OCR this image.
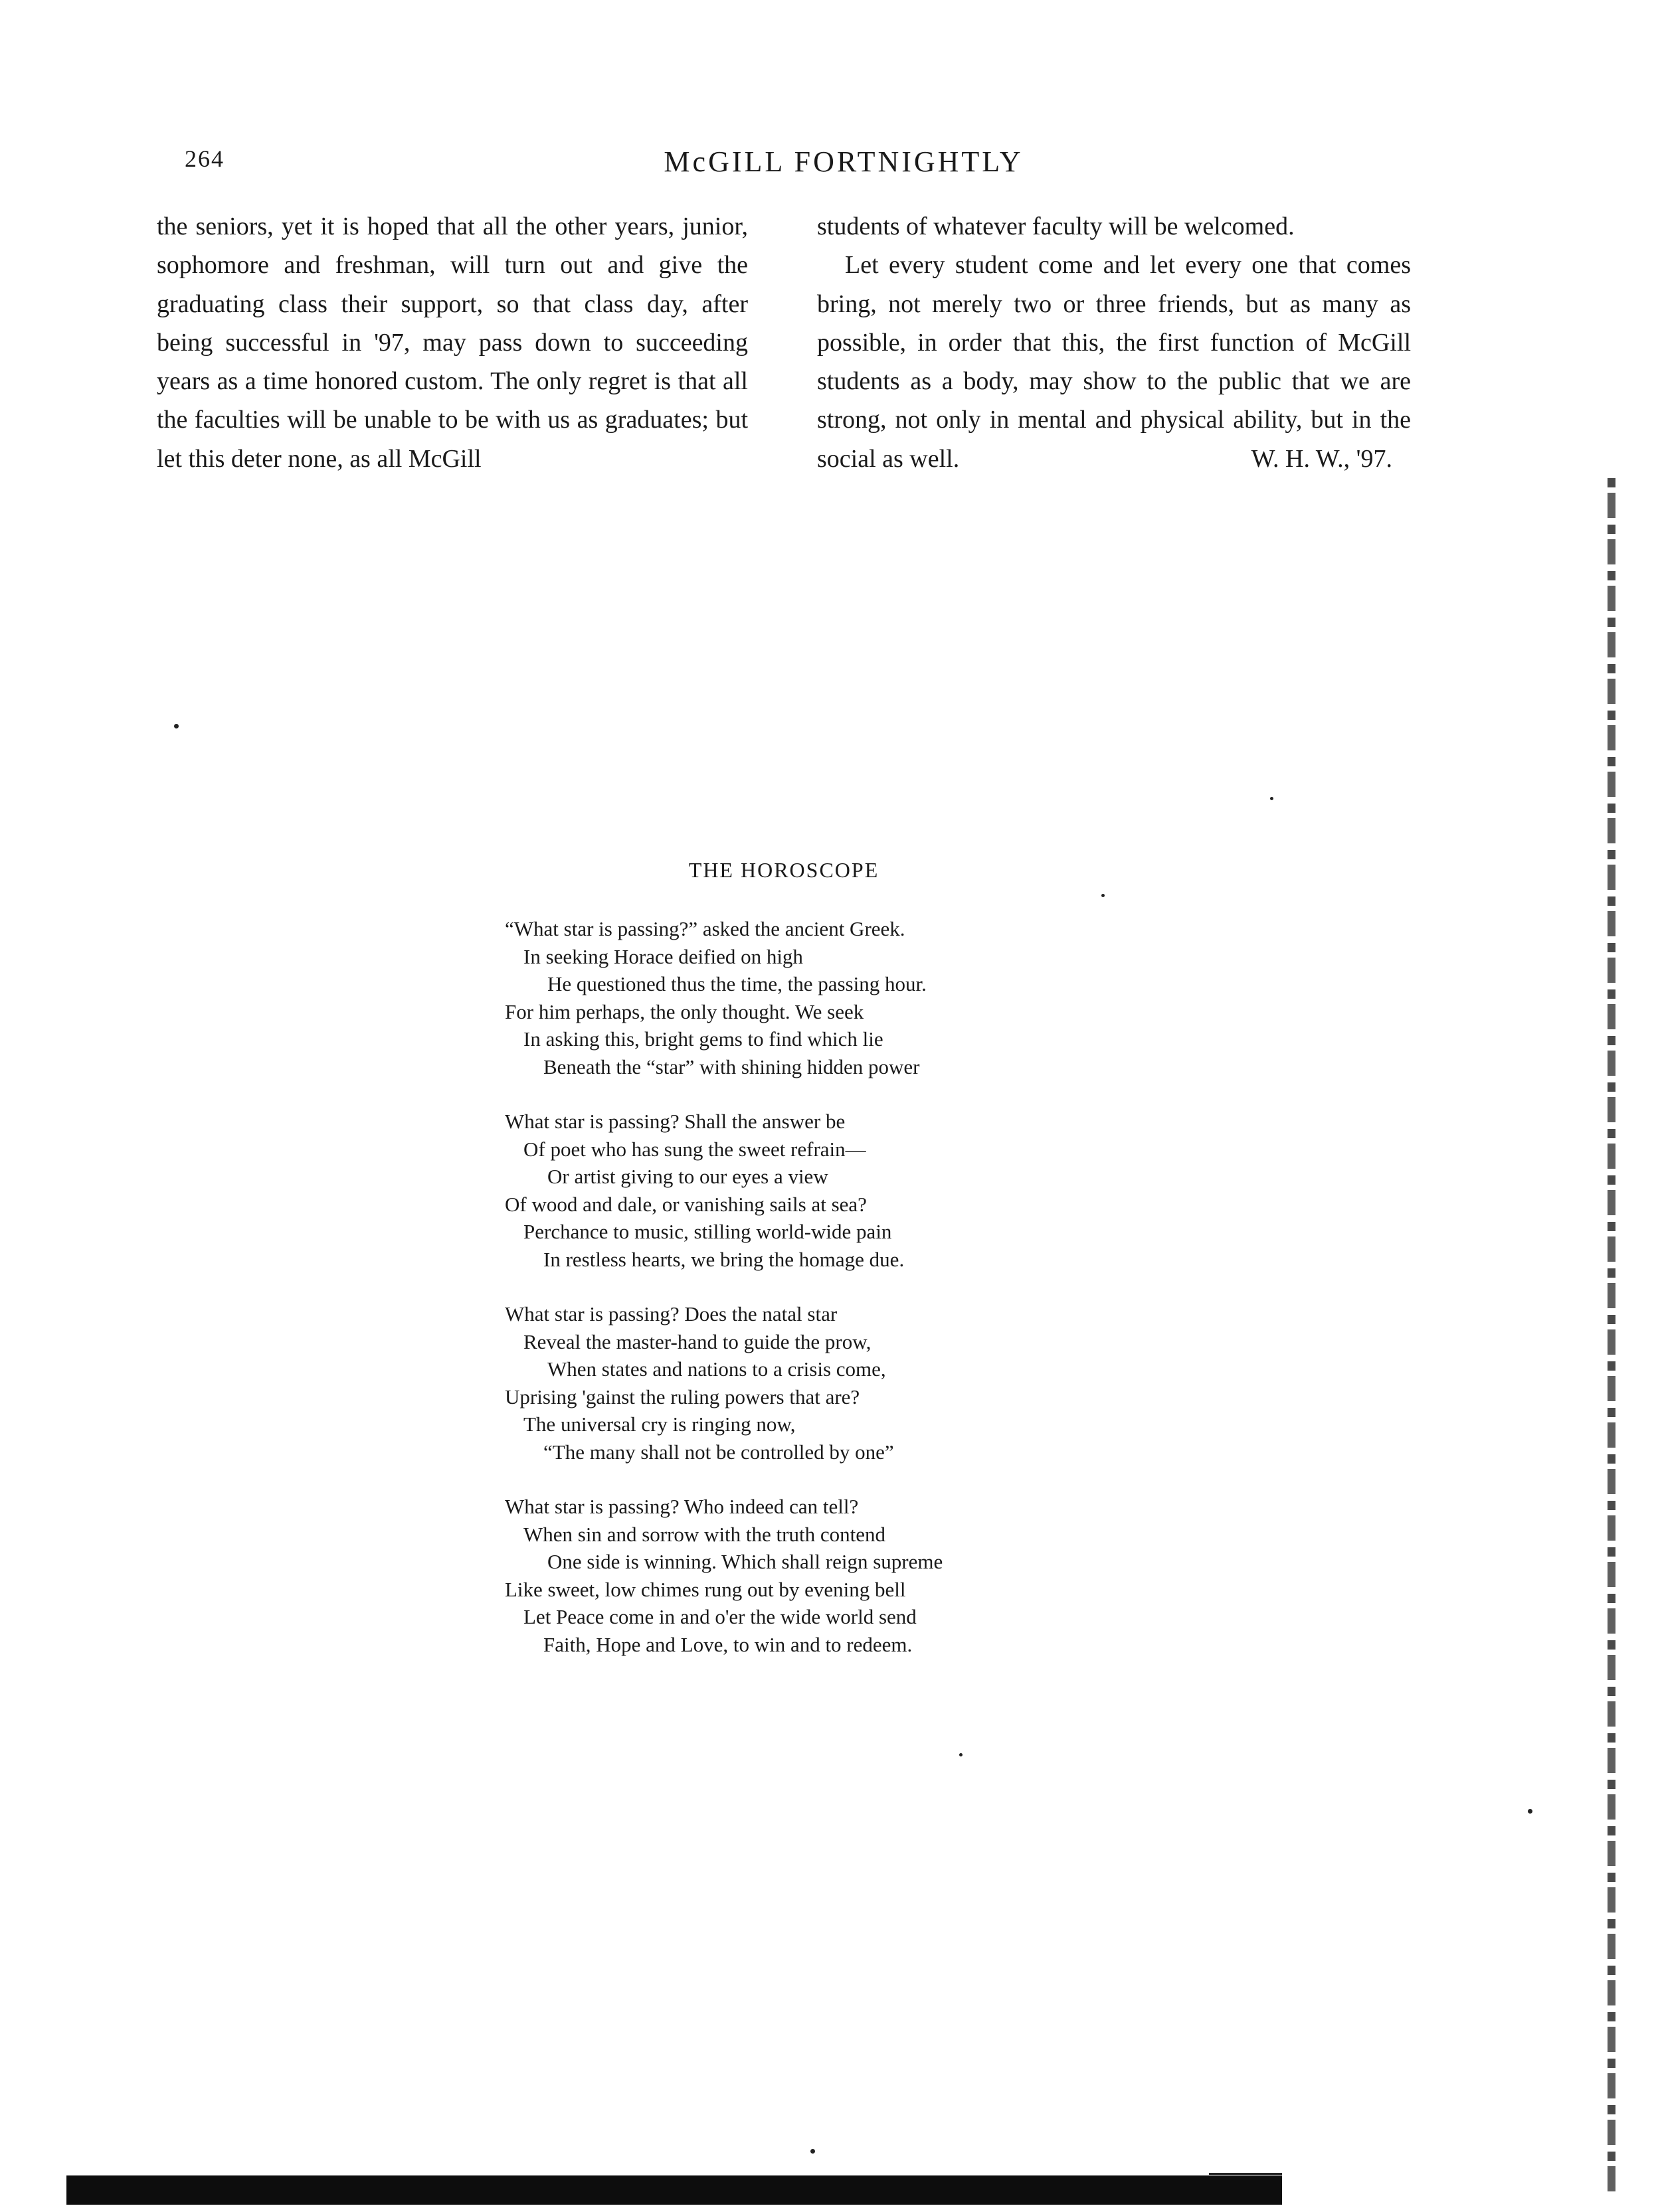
264	McGILL FORTNIGHTLY

the seniors, yet it is hoped that all the other years, junior, sophomore and freshman, will turn out and give the graduating class their support, so that class day, after being successful in '97, may pass down to succeeding years as a time honored custom. The only regret is that all the faculties will be unable to be with us as graduates; but let this deter none, as all McGill

students of whatever faculty will be welcomed.

Let every student come and let every one that comes bring, not merely two or three friends, but as many as possible, in order that this, the first function of McGill students as a body, may show to the public that we are strong, not only in mental and physical ability, but in the social as well.	W. H. W., '97.

THE HOROSCOPE
“What star is passing?” asked the ancient Greek.
In seeking Horace deified on high
He questioned thus the time, the passing hour.
For him perhaps, the only thought. We seek
In asking this, bright gems to find which lie
Beneath the “star” with shining hidden power
What star is passing? Shall the answer be
Of poet who has sung the sweet refrain—
Or artist giving to our eyes a view
Of wood and dale, or vanishing sails at sea?
Perchance to music, stilling world-wide pain
In restless hearts, we bring the homage due.
What star is passing? Does the natal star
Reveal the master-hand to guide the prow,
When states and nations to a crisis come,
Uprising 'gainst the ruling powers that are?
The universal cry is ringing now,
“The many shall not be controlled by one”
What star is passing? Who indeed can tell?
When sin and sorrow with the truth contend
One side is winning. Which shall reign supreme
Like sweet, low chimes rung out by evening bell
Let Peace come in and o'er the wide world send
Faith, Hope and Love, to win and to redeem.
